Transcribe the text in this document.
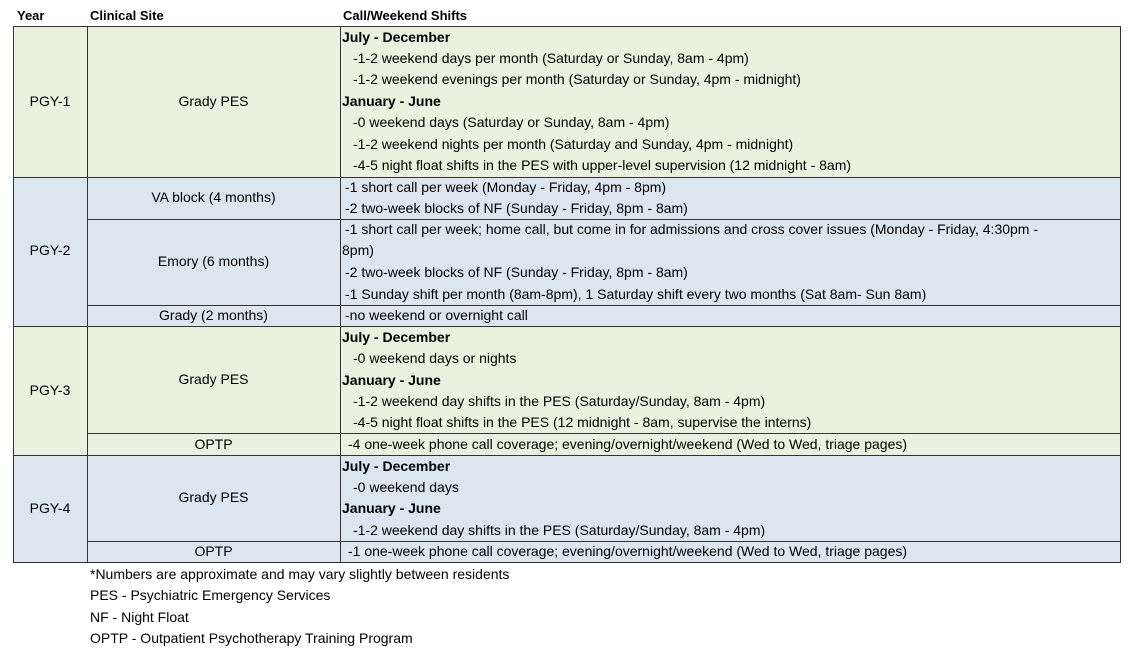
Year	Clinical Site	Call/Weekend Shifts
PGY-1
PGY-2
PGY-3
PGY-4
Grady PES
VA block (4 months)
Emory (6 months)
Grady (2 months)
Grady PES
OPTP
Grady PES
OPTP
July - December
-1-2 weekend days per month (Saturday or Sunday, 8am - 4pm)
-1-2 weekend evenings per month (Saturday or Sunday, 4pm - midnight)
January - June
-0 weekend days (Saturday or Sunday, 8am - 4pm)
-1-2 weekend nights per month (Saturday and Sunday, 4pm - midnight)
-4-5 night float shifts in the PES with upper-level supervision (12 midnight - 8am)
-1 short call per week (Monday - Friday, 4pm - 8pm)
-2 two-week blocks of NF (Sunday - Friday, 8pm - 8am)
-1 short call per week; home call, but come in for admissions and cross cover issues (Monday - Friday, 4:30pm -
8pm)
-2 two-week blocks of NF (Sunday - Friday, 8pm - 8am)
-1 Sunday shift per month (8am-8pm), 1 Saturday shift every two months (Sat 8am- Sun 8am)
-no weekend or overnight call
July - December
-0 weekend days or nights
January - June
-1-2 weekend day shifts in the PES (Saturday/Sunday, 8am - 4pm)
-4-5 night float shifts in the PES (12 midnight - 8am, supervise the interns)
-4 one-week phone call coverage; evening/overnight/weekend (Wed to Wed, triage pages)
July - December
-0 weekend days
January - June
-1-2 weekend day shifts in the PES (Saturday/Sunday, 8am - 4pm)
-1 one-week phone call coverage; evening/overnight/weekend (Wed to Wed, triage pages)
*Numbers are approximate and may vary slightly between residents
PES - Psychiatric Emergency Services
NF - Night Float
OPTP - Outpatient Psychotherapy Training Program
